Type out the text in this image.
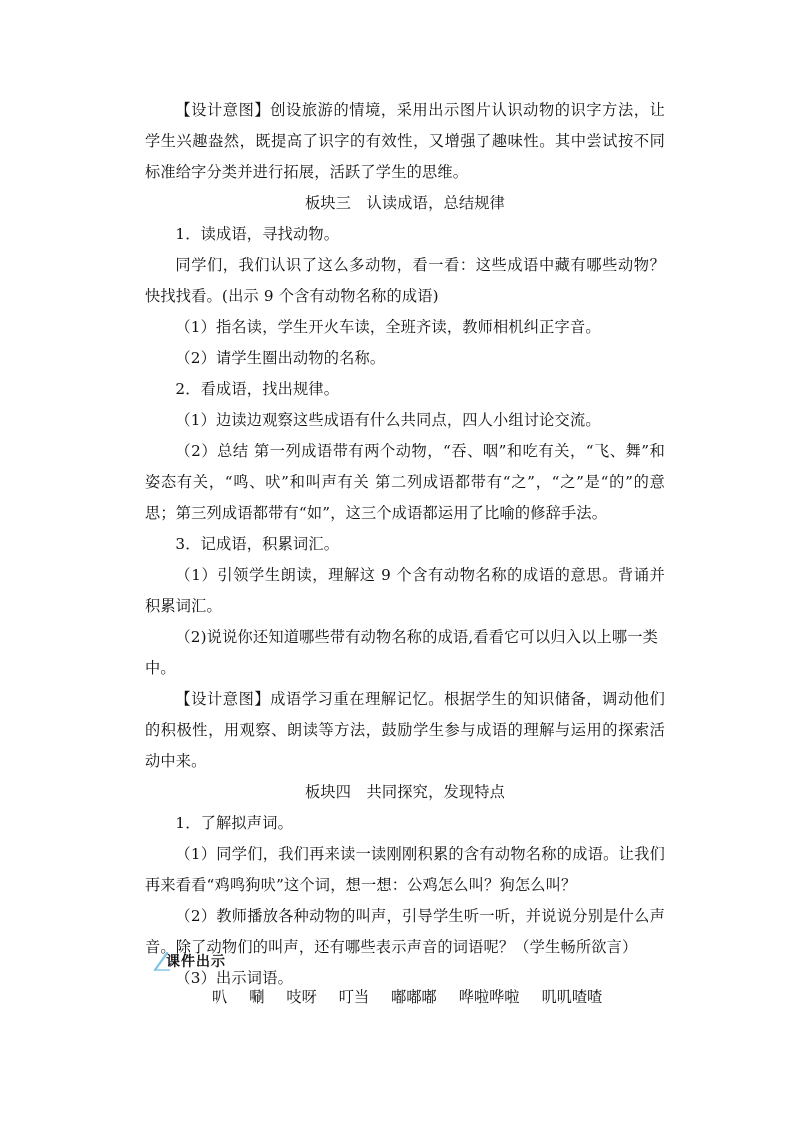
【设计意图】创设旅游的情境，采用出示图片认识动物的识字方法，让学生兴趣盎然，既提高了识字的有效性，又增强了趣味性。其中尝试按不同标准给字分类并进行拓展，活跃了学生的思维。

板块三　认读成语，总结规律

1．读成语，寻找动物。

同学们，我们认识了这么多动物，看一看：这些成语中藏有哪些动物？快找找看。(出示 9 个含有动物名称的成语)

（1）指名读，学生开火车读，全班齐读，教师相机纠正字音。

（2）请学生圈出动物的名称。

2．看成语，找出规律。

（1）边读边观察这些成语有什么共同点，四人小组讨论交流。

（2）总结 第一列成语带有两个动物，“吞、咽”和吃有关，“飞、舞”和姿态有关，“鸣、吠”和叫声有关 第二列成语都带有“之”，“之”是“的”的意思；第三列成语都带有“如”，这三个成语都运用了比喻的修辞手法。

3．记成语，积累词汇。

（1）引领学生朗读，理解这 9 个含有动物名称的成语的意思。背诵并积累词汇。

（2)说说你还知道哪些带有动物名称的成语,看看它可以归入以上哪一类中。

【设计意图】成语学习重在理解记忆。根据学生的知识储备，调动他们的积极性，用观察、朗读等方法，鼓励学生参与成语的理解与运用的探索活动中来。

板块四　共同探究，发现特点

1．了解拟声词。

（1）同学们，我们再来读一读刚刚积累的含有动物名称的成语。让我们再来看看“鸡鸣狗吠”这个词，想一想：公鸡怎么叫？狗怎么叫？

（2）教师播放各种动物的叫声，引导学生听一听，并说说分别是什么声音。除了动物们的叫声，还有哪些表示声音的词语呢？（学生畅所欲言）

（3）出示词语。

课件出示
叭 唰 吱呀 叮当 嘟嘟嘟 哗啦哗啦 叽叽喳喳
